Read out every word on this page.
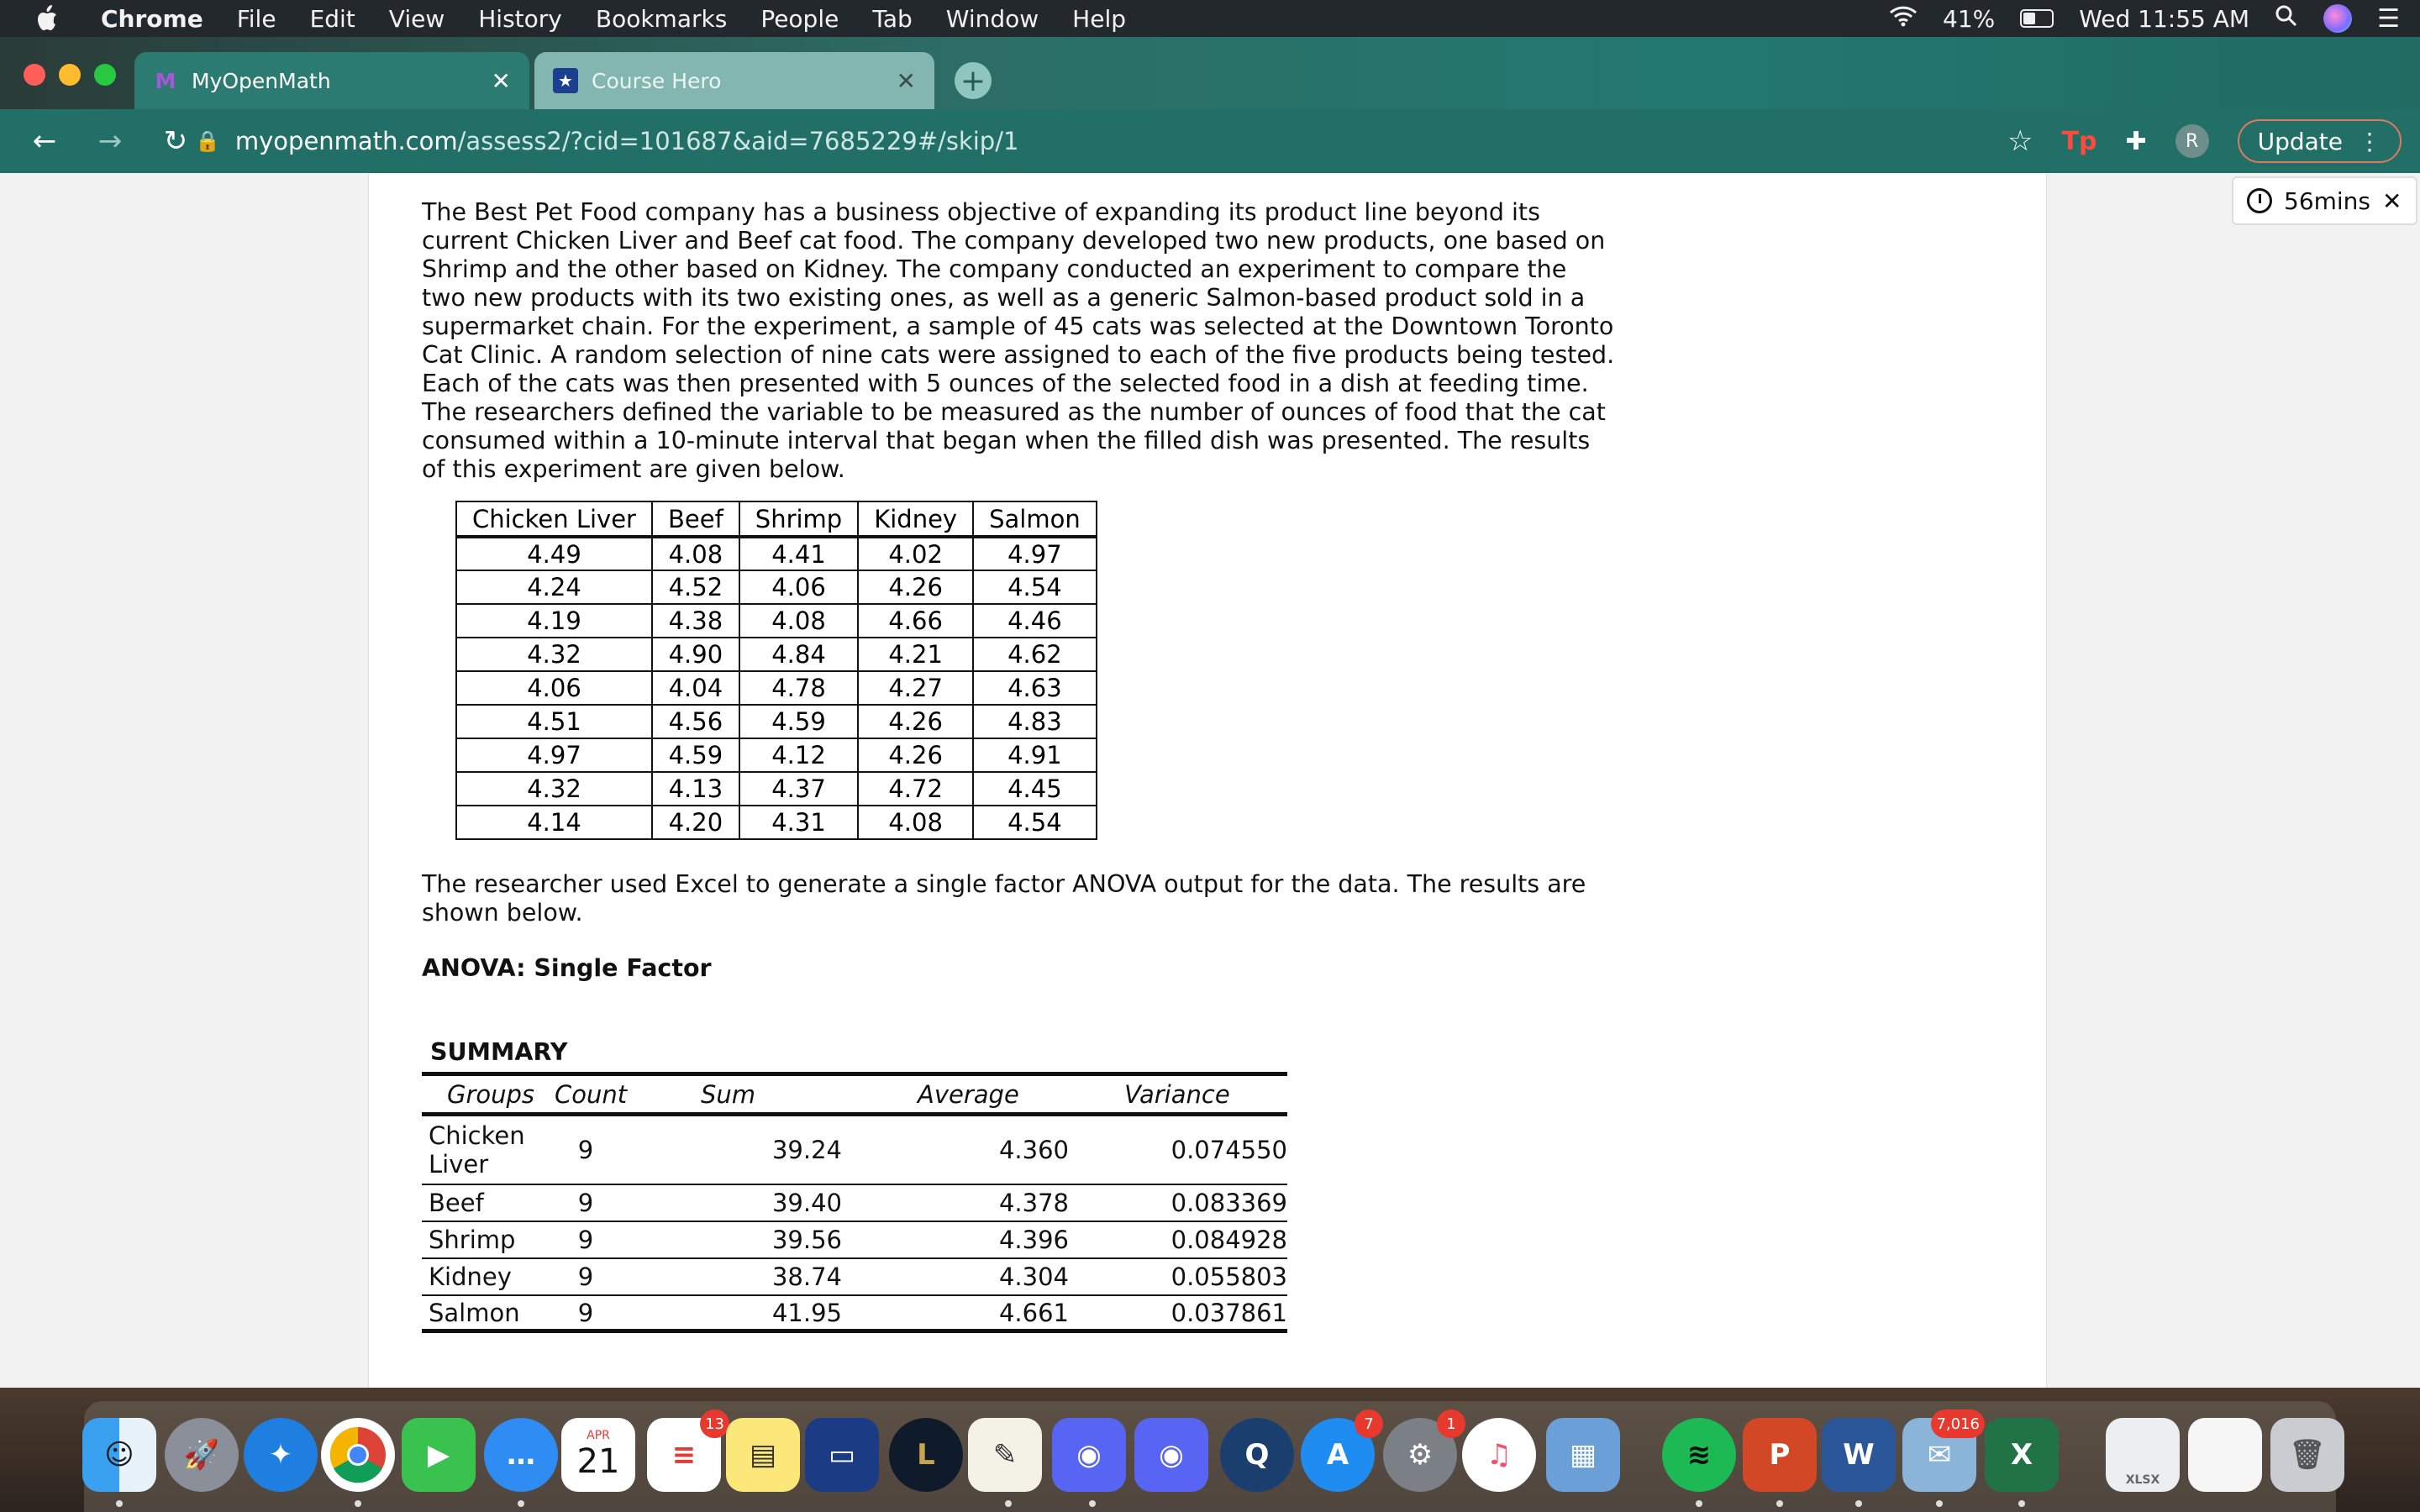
Chrome File Edit View History Bookmarks People Tab Window Help	41%	Wed 11:55 AM	☰
M MyOpenMath	✕	★ Course Hero	✕ +
←	→	↻ 🔒 myopenmath.com /assess2/?cid=101687&aid=7685229#/skip/1	☆ Tp ✚	R	Update ⋮
56mins ✕

The Best Pet Food company has a business objective of expanding its product line beyond its current Chicken Liver and Beef cat food. The company developed two new products, one based on Shrimp and the other based on Kidney. The company conducted an experiment to compare the two new products with its two existing ones, as well as a generic Salmon-based product sold in a supermarket chain. For the experiment, a sample of 45 cats was selected at the Downtown Toronto Cat Clinic. A random selection of nine cats were assigned to each of the five products being tested. Each of the cats was then presented with 5 ounces of the selected food in a dish at feeding time. The researchers defined the variable to be measured as the number of ounces of food that the cat consumed within a 10-minute interval that began when the filled dish was presented. The results of this experiment are given below.

Chicken Liver	Beef	Shrimp	Kidney	Salmon
4.49	4.08	4.41	4.02	4.97
4.24	4.52	4.06	4.26	4.54
4.19	4.38	4.08	4.66	4.46
4.32	4.90	4.84	4.21	4.62
4.06	4.04	4.78	4.27	4.63
4.51	4.56	4.59	4.26	4.83
4.97	4.59	4.12	4.26	4.91
4.32	4.13	4.37	4.72	4.45
4.14	4.20	4.31	4.08	4.54

The researcher used Excel to generate a single factor ANOVA output for the data. The results are shown below.

ANOVA: Single Factor
SUMMARY
Groups Count	Sum	Average	Variance
Chicken Liver	9	39.24	4.360	0.074550
Beef	9	39.40	4.378	0.083369
Shrimp	9	39.56	4.396	0.084928
Kidney	9	38.74	4.304	0.055803
Salmon	9	41.95	4.661	0.037861
☺	🚀	✦	▶	…
APR
21	≡
13
▤	▭	L	✎	◉	◉	Q	A
7
⚙
1
♫	▦	≋	P	W	✉
7,016
X
XLSX
🗑
